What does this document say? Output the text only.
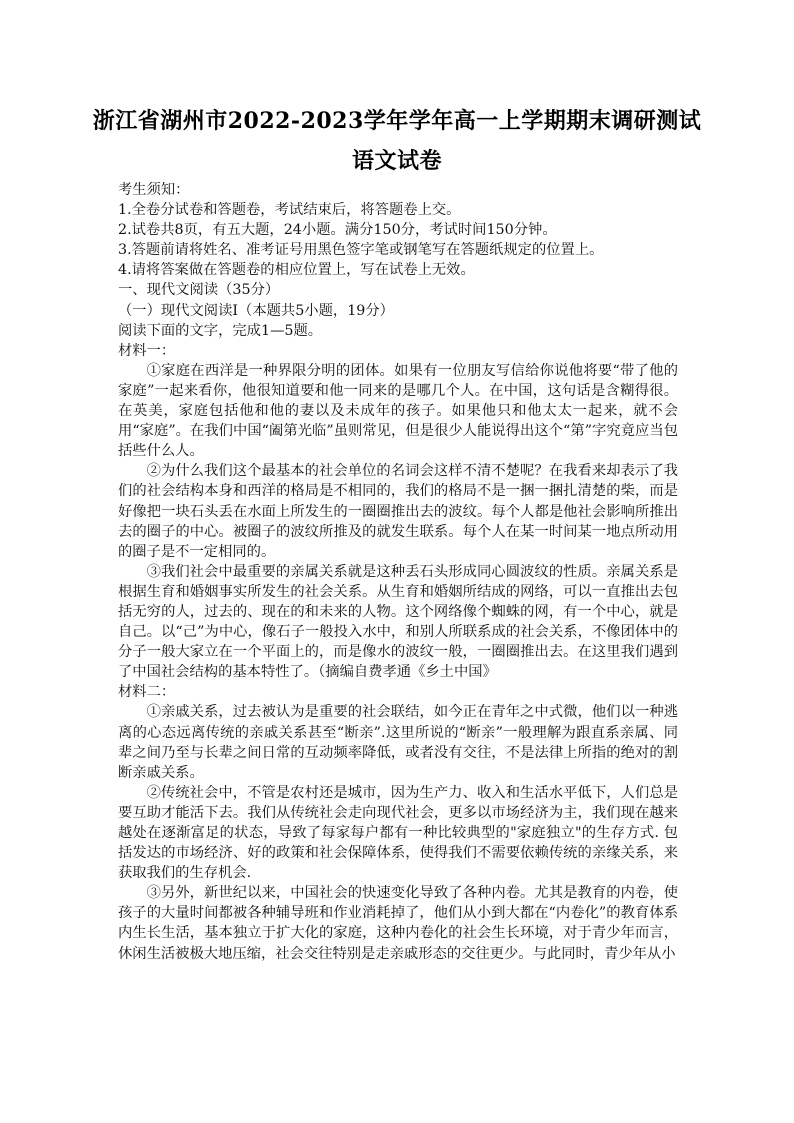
浙江省湖州市2022-2023学年学年高一上学期期末调研测试
语文试卷

考生须知：

1.全卷分试卷和答题卷，考试结束后，将答题卷上交。

2.试卷共8页，有五大题，24小题。满分150分，考试时间150分钟。

3.答题前请将姓名、准考证号用黑色签字笔或钢笔写在答题纸规定的位置上。

4.请将答案做在答题卷的相应位置上，写在试卷上无效。

一、现代文阅读（35分）

（一）现代文阅读Ⅰ（本题共5小题，19分）

阅读下面的文字，完成1—5题。

材料一：

①家庭在西洋是一种界限分明的团体。如果有一位朋友写信给你说他将要“带了他的家庭”一起来看你，他很知道要和他一同来的是哪几个人。在中国，这句话是含糊得很。在英美，家庭包括他和他的妻以及未成年的孩子。如果他只和他太太一起来，就不会用“家庭”。在我们中国“阖第光临”虽则常见，但是很少人能说得出这个“第”字究竟应当包括些什么人。

②为什么我们这个最基本的社会单位的名词会这样不清不楚呢？在我看来却表示了我们的社会结构本身和西洋的格局是不相同的，我们的格局不是一捆一捆扎清楚的柴，而是好像把一块石头丢在水面上所发生的一圈圈推出去的波纹。每个人都是他社会影响所推出去的圈子的中心。被圈子的波纹所推及的就发生联系。每个人在某一时间某一地点所动用的圈子是不一定相同的。

③我们社会中最重要的亲属关系就是这种丢石头形成同心圆波纹的性质。亲属关系是根据生育和婚姻事实所发生的社会关系。从生育和婚姻所结成的网络，可以一直推出去包括无穷的人，过去的、现在的和未来的人物。这个网络像个蜘蛛的网，有一个中心，就是自己。以“己”为中心，像石子一般投入水中，和别人所联系成的社会关系，不像团体中的分子一般大家立在一个平面上的，而是像水的波纹一般，一圈圈推出去。在这里我们遇到了中国社会结构的基本特性了。（摘编自费孝通《乡土中国》

材料二：

①亲戚关系，过去被认为是重要的社会联结，如今正在青年之中式微，他们以一种逃离的心态远离传统的亲戚关系甚至“断亲”.这里所说的“断亲”一般理解为跟直系亲属、同辈之间乃至与长辈之间日常的互动频率降低，或者没有交往，不是法律上所指的绝对的割断亲戚关系。

②传统社会中，不管是农村还是城市，因为生产力、收入和生活水平低下，人们总是要互助才能活下去。我们从传统社会走向现代社会，更多以市场经济为主，我们现在越来越处在逐渐富足的状态，导致了每家每户都有一种比较典型的"家庭独立"的生存方式. 包括发达的市场经济、好的政策和社会保障体系，使得我们不需要依赖传统的亲缘关系，来获取我们的生存机会.

③另外，新世纪以来，中国社会的快速变化导致了各种内卷。尤其是教育的内卷，使孩子的大量时间都被各种辅导班和作业消耗掉了，他们从小到大都在“内卷化”的教育体系内生长生活，基本独立于扩大化的家庭，这种内卷化的社会生长环境，对于青少年而言，休闲生活被极大地压缩，社会交往特别是走亲戚形态的交往更少。与此同时，青少年从小
